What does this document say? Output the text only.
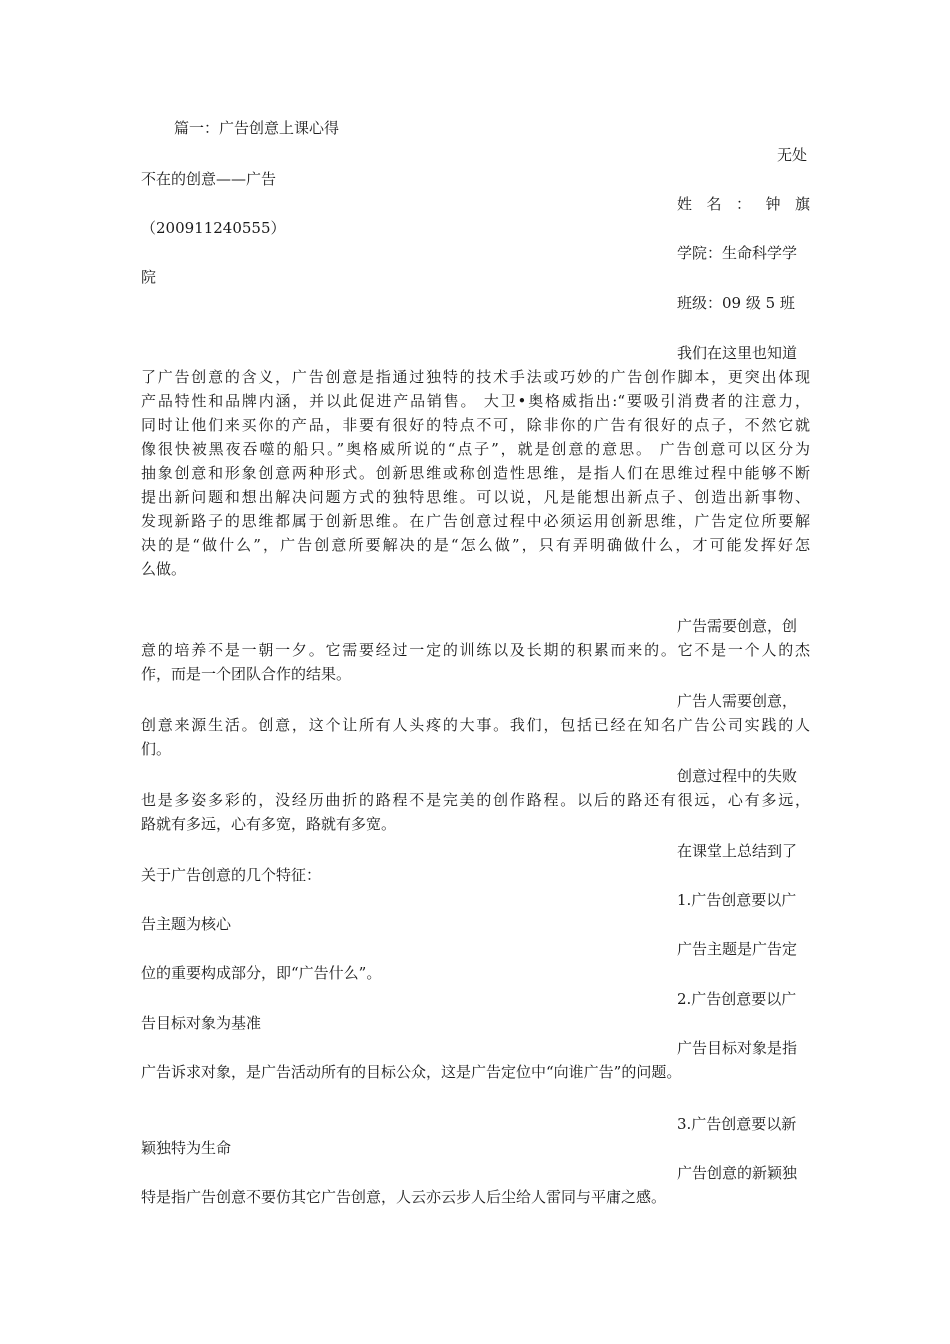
篇一：广告创意上课心得
无处
不在的创意——广告
姓 名 ： 钟 旗
（200911240555）
学院：生命科学学
院
班级：09 级 5 班
我们在这里也知道
了广告创意的含义，广告创意是指通过独特的技术手法或巧妙的广告创作脚本，更突出体现
产品特性和品牌内涵，并以此促进产品销售。 大卫•奥格威指出:“要吸引消费者的注意力，
同时让他们来买你的产品，非要有很好的特点不可，除非你的广告有很好的点子，不然它就
像很快被黑夜吞噬的船只。”奥格威所说的“点子”，就是创意的意思。 广告创意可以区分为
抽象创意和形象创意两种形式。创新思维或称创造性思维，是指人们在思维过程中能够不断
提出新问题和想出解决问题方式的独特思维。可以说，凡是能想出新点子、创造出新事物、
发现新路子的思维都属于创新思维。在广告创意过程中必须运用创新思维，广告定位所要解
决的是“做什么”，广告创意所要解决的是“怎么做”，只有弄明确做什么，才可能发挥好怎
么做。
广告需要创意，创
意的培养不是一朝一夕。它需要经过一定的训练以及长期的积累而来的。它不是一个人的杰
作，而是一个团队合作的结果。
广告人需要创意，
创意来源生活。创意，这个让所有人头疼的大事。我们，包括已经在知名广告公司实践的人
们。
创意过程中的失败
也是多姿多彩的，没经历曲折的路程不是完美的创作路程。以后的路还有很远，心有多远，
路就有多远，心有多宽，路就有多宽。
在课堂上总结到了
关于广告创意的几个特征：
1.广告创意要以广
告主题为核心
广告主题是广告定
位的重要构成部分，即“广告什么”。
2.广告创意要以广
告目标对象为基准
广告目标对象是指
广告诉求对象，是广告活动所有的目标公众，这是广告定位中“向谁广告”的问题。
3.广告创意要以新
颖独特为生命
广告创意的新颖独
特是指广告创意不要仿其它广告创意，人云亦云步人后尘给人雷同与平庸之感。
